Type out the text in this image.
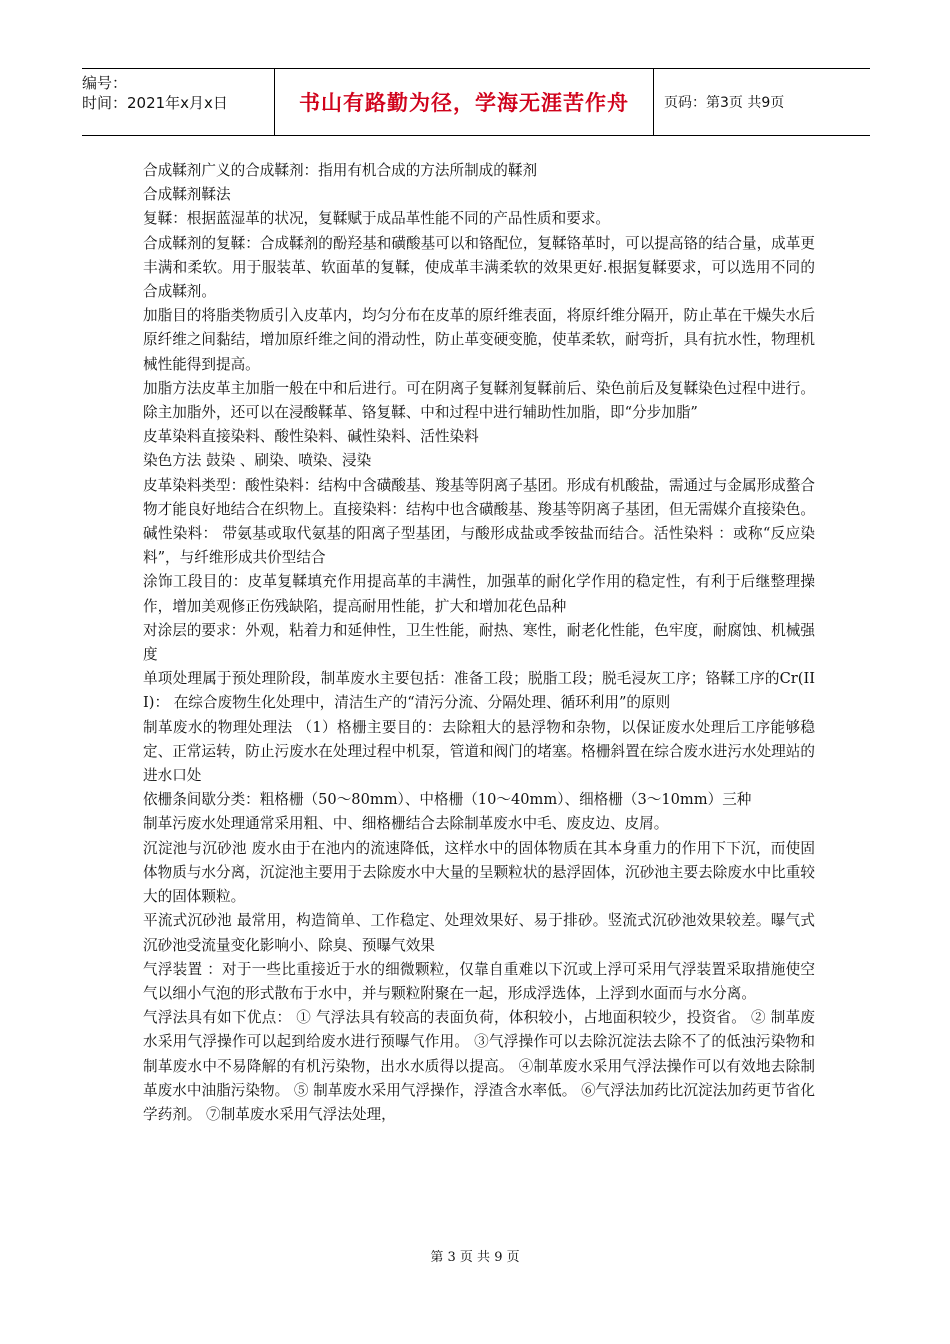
编号：
时间：2021年x月x日	书山有路勤为径，学海无涯苦作舟	页码：第3页 共9页

合成鞣剂广义的合成鞣剂：指用有机合成的方法所制成的鞣剂

合成鞣剂鞣法

复鞣：根据蓝湿革的状况，复鞣赋于成品革性能不同的产品性质和要求。

合成鞣剂的复鞣：合成鞣剂的酚羟基和磺酸基可以和铬配位，复鞣铬革时，可以提高铬的结合量，成革更丰满和柔软。用于服装革、软面革的复鞣，使成革丰满柔软的效果更好.根据复鞣要求，可以选用不同的合成鞣剂。

加脂目的将脂类物质引入皮革内，均匀分布在皮革的原纤维表面，将原纤维分隔开，防止革在干燥失水后原纤维之间黏结，增加原纤维之间的滑动性，防止革变硬变脆，使革柔软，耐弯折，具有抗水性，物理机械性能得到提高。

加脂方法皮革主加脂一般在中和后进行。可在阴离子复鞣剂复鞣前后、染色前后及复鞣染色过程中进行。除主加脂外，还可以在浸酸鞣革、铬复鞣、中和过程中进行辅助性加脂，即“分步加脂”

皮革染料直接染料、酸性染料、碱性染料、活性染料

染色方法 鼓染 、刷染、喷染、浸染

皮革染料类型：酸性染料：结构中含磺酸基、羧基等阴离子基团。形成有机酸盐，需通过与金属形成螯合物才能良好地结合在织物上。直接染料：结构中也含磺酸基、羧基等阴离子基团，但无需媒介直接染色。碱性染料： 带氨基或取代氨基的阳离子型基团，与酸形成盐或季铵盐而结合。活性染料 ：或称“反应染料”，与纤维形成共价型结合

涂饰工段目的：皮革复鞣填充作用提高革的丰满性，加强革的耐化学作用的稳定性，有利于后继整理操作，增加美观修正伤残缺陷，提高耐用性能，扩大和增加花色品种

对涂层的要求：外观，粘着力和延伸性，卫生性能，耐热、寒性，耐老化性能，色牢度，耐腐蚀、机械强度

单项处理属于预处理阶段，制革废水主要包括：准备工段；脱脂工段；脱毛浸灰工序；铬鞣工序的Cr(III)： 在综合废物生化处理中，清洁生产的“清污分流、分隔处理、循环利用”的原则

制革废水的物理处理法 （1）格栅主要目的：去除粗大的悬浮物和杂物，以保证废水处理后工序能够稳定、正常运转，防止污废水在处理过程中机泵，管道和阀门的堵塞。格栅斜置在综合废水进污水处理站的进水口处

依栅条间歇分类：粗格栅（50～80mm）、中格栅（10～40mm）、细格栅（3～10mm）三种

制革污废水处理通常采用粗、中、细格栅结合去除制革废水中毛、废皮边、皮屑。

沉淀池与沉砂池 废水由于在池内的流速降低，这样水中的固体物质在其本身重力的作用下下沉，而使固体物质与水分离，沉淀池主要用于去除废水中大量的呈颗粒状的悬浮固体，沉砂池主要去除废水中比重较大的固体颗粒。

平流式沉砂池 最常用，构造简单、工作稳定、处理效果好、易于排砂。竖流式沉砂池效果较差。曝气式沉砂池受流量变化影响小、除臭、预曝气效果

气浮装置 ：对于一些比重接近于水的细微颗粒，仅靠自重难以下沉或上浮可采用气浮装置采取措施使空气以细小气泡的形式散布于水中，并与颗粒附聚在一起，形成浮选体，上浮到水面而与水分离。

气浮法具有如下优点： ① 气浮法具有较高的表面负荷，体积较小，占地面积较少，投资省。 ② 制革废水采用气浮操作可以起到给废水进行预曝气作用。 ③气浮操作可以去除沉淀法去除不了的低浊污染物和制革废水中不易降解的有机污染物，出水水质得以提高。 ④制革废水采用气浮法操作可以有效地去除制革废水中油脂污染物。 ⑤ 制革废水采用气浮操作，浮渣含水率低。 ⑥气浮法加药比沉淀法加药更节省化学药剂。 ⑦制革废水采用气浮法处理，

第 3 页 共 9 页
